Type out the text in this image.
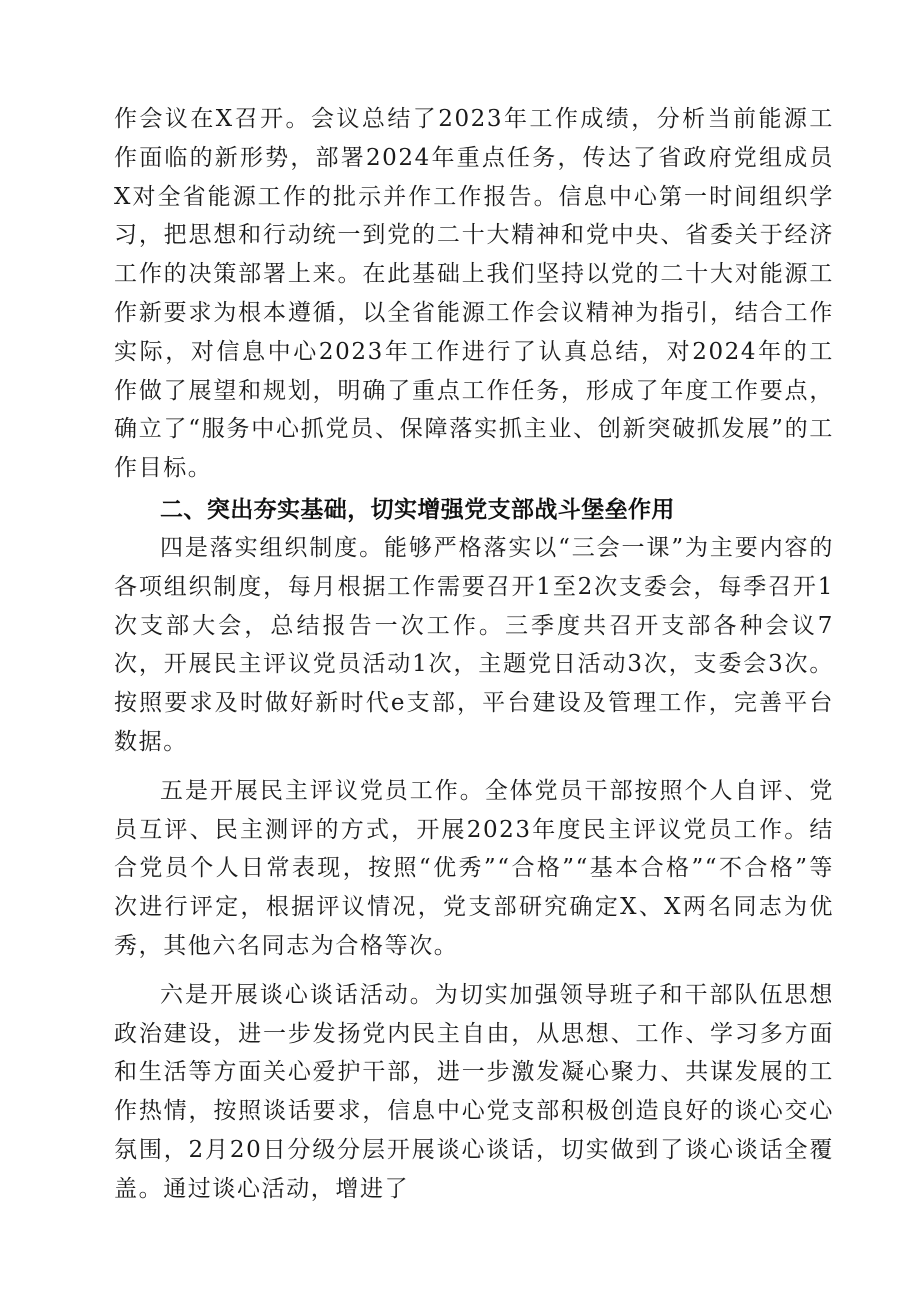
作会议在X召开。会议总结了2023年工作成绩，分析当前能源工作面临的新形势，部署2024年重点任务，传达了省政府党组成员X对全省能源工作的批示并作工作报告。信息中心第一时间组织学习，把思想和行动统一到党的二十大精神和党中央、省委关于经济工作的决策部署上来。在此基础上我们坚持以党的二十大对能源工作新要求为根本遵循，以全省能源工作会议精神为指引，结合工作实际，对信息中心2023年工作进行了认真总结，对2024年的工作做了展望和规划，明确了重点工作任务，形成了年度工作要点，确立了“服务中心抓党员、保障落实抓主业、创新突破抓发展”的工作目标。

二、突出夯实基础，切实增强党支部战斗堡垒作用

四是落实组织制度。能够严格落实以“三会一课”为主要内容的各项组织制度，每月根据工作需要召开1至2次支委会，每季召开1次支部大会，总结报告一次工作。三季度共召开支部各种会议7次，开展民主评议党员活动1次，主题党日活动3次，支委会3次。按照要求及时做好新时代e支部，平台建设及管理工作，完善平台数据。

五是开展民主评议党员工作。全体党员干部按照个人自评、党员互评、民主测评的方式，开展2023年度民主评议党员工作。结合党员个人日常表现，按照“优秀”“合格”“基本合格”“不合格”等次进行评定，根据评议情况，党支部研究确定X、X两名同志为优秀，其他六名同志为合格等次。

六是开展谈心谈话活动。为切实加强领导班子和干部队伍思想政治建设，进一步发扬党内民主自由，从思想、工作、学习多方面和生活等方面关心爱护干部，进一步激发凝心聚力、共谋发展的工作热情，按照谈话要求，信息中心党支部积极创造良好的谈心交心氛围，2月20日分级分层开展谈心谈话，切实做到了谈心谈话全覆盖。通过谈心活动，增进了
